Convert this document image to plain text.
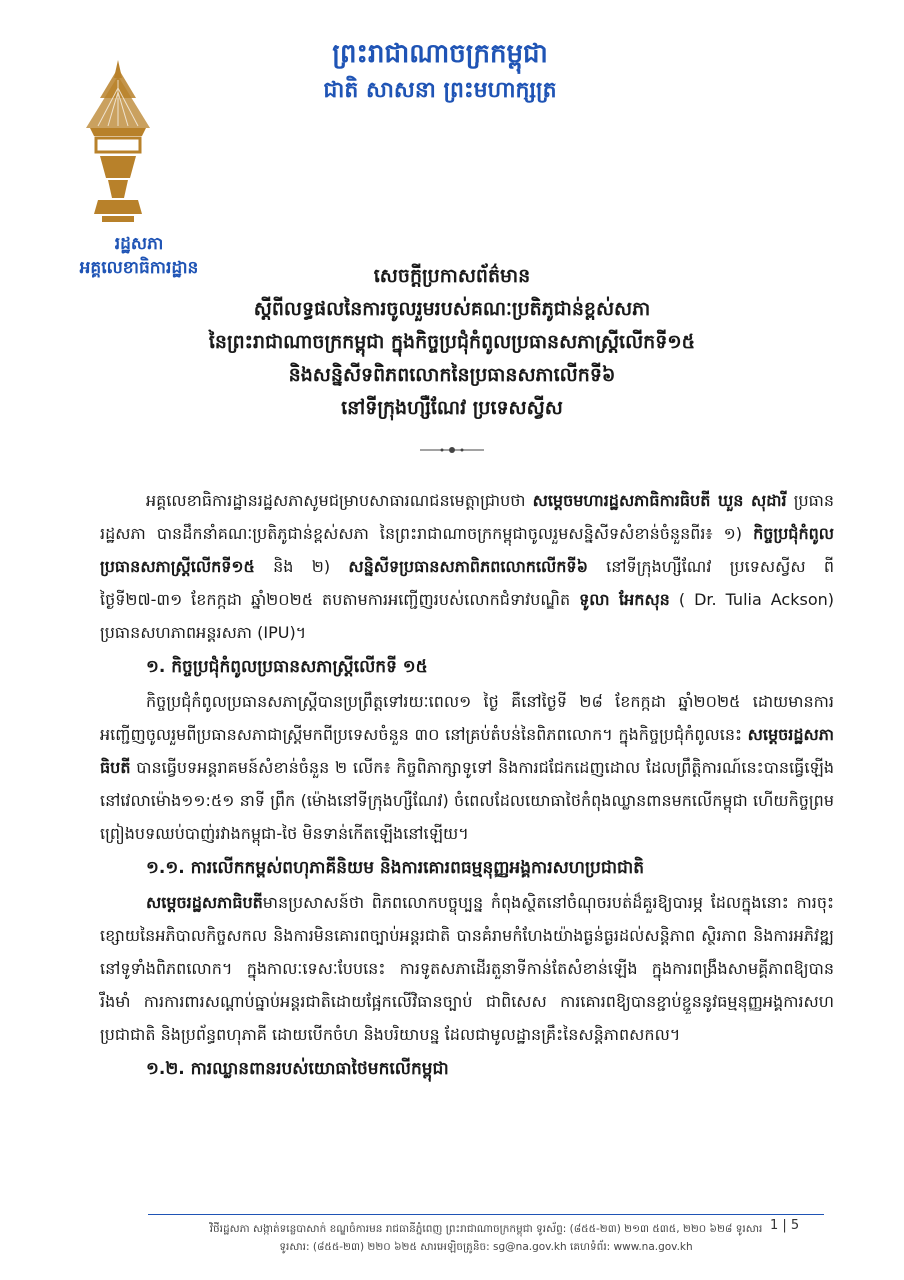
រដ្ឋសភា
អគ្គលេខាធិការដ្ឋាន
ព្រះរាជាណាចក្រកម្ពុជា
ជាតិ សាសនា ព្រះមហាក្សត្រ
សេចក្តីប្រកាសព័ត៌មាន
ស្តីពីលទ្ធផលនៃការចូលរួមរបស់គណៈប្រតិភូជាន់ខ្ពស់សភា
នៃព្រះរាជាណាចក្រកម្ពុជា ក្នុងកិច្ចប្រជុំកំពូលប្រធានសភាស្ត្រីលើកទី១៥
និងសន្និសីទពិភពលោកនៃប្រធានសភាលើកទី៦
នៅទីក្រុងហ្សឺណែវ ប្រទេសស្វីស

អគ្គលេខាធិការដ្ឋានរដ្ឋសភាសូមជម្រាបសាធារណជនមេត្តាជ្រាបថា សម្តេចមហារដ្ឋសភាធិការធិបតី ឃួន សុដារី ប្រធានរដ្ឋសភា បានដឹកនាំគណៈប្រតិភូជាន់ខ្ពស់សភា នៃព្រះរាជាណាចក្រកម្ពុជាចូលរួមសន្និសីទសំខាន់ចំនួនពីរ៖ ១) កិច្ចប្រជុំកំពូលប្រធានសភាស្ត្រីលើកទី១៥ និង ២) សន្និសីទប្រធានសភាពិភពលោកលើកទី៦ នៅទីក្រុងហ្សឺណែវ ប្រទេសស្វីស ពីថ្ងៃទី២៧-៣១ ខែកក្កដា ឆ្នាំ២០២៥ តបតាមការអញ្ជើញរបស់លោកជំទាវបណ្ឌិត ទូលា អែកសុន ( Dr. Tulia Ackson) ប្រធានសហភាពអន្តរសភា (IPU)។

១. កិច្ចប្រជុំកំពូលប្រធានសភាស្ត្រីលើកទី ១៥

កិច្ចប្រជុំកំពូលប្រធានសភាស្ត្រីបានប្រព្រឹត្តទៅរយៈពេល១ ថ្ងៃ គឺនៅថ្ងៃទី ២៨ ខែកក្កដា ឆ្នាំ២០២៥ ដោយមានការអញ្ជើញចូលរួមពីប្រធានសភាជាស្ត្រីមកពីប្រទេសចំនួន ៣០ នៅគ្រប់តំបន់នៃពិភពលោក។ ក្នុងកិច្ចប្រជុំកំពូលនេះ សម្តេចរដ្ឋសភាធិបតី បានធ្វើបទអន្តរាគមន៍សំខាន់ចំនួន ២ លើក៖ កិច្ចពិភាក្សាទូទៅ និងការជជែកដេញដោល ដែលព្រឹត្តិការណ៍នេះបានធ្វើឡើងនៅវេលាម៉ោង១១:៥១ នាទី ព្រឹក (ម៉ោងនៅទីក្រុងហ្សឺណែវ) ចំពេលដែលយោធាថៃកំពុងឈ្លានពានមកលើកម្ពុជា ហើយកិច្ចព្រមព្រៀងបទឈប់បាញ់រវាងកម្ពុជា-ថៃ មិនទាន់កើតឡើងនៅឡើយ។

១.១. ការលើកកម្ពស់ពហុភាគីនិយម និងការគោរពធម្មនុញ្ញអង្គការសហប្រជាជាតិ

សម្តេចរដ្ឋសភាធិបតីមានប្រសាសន៍ថា ពិភពលោកបច្ចុប្បន្ន កំពុងស្ថិតនៅចំណុចរបត់ដ៏គួរឱ្យបារម្ភ ដែលក្នុងនោះ ការចុះខ្សោយនៃអភិបាលកិច្ចសកល និងការមិនគោរពច្បាប់អន្តរជាតិ បានគំរាមកំហែងយ៉ាងធ្ងន់ធ្ងរដល់សន្តិភាព ស្ថិរភាព និងការអភិវឌ្ឍនៅទូទាំងពិភពលោក។ ក្នុងកាលៈទេសៈបែបនេះ ការទូតសភាដើរតួនាទីកាន់តែសំខាន់ឡើង ក្នុងការពង្រឹងសាមគ្គីភាពឱ្យបានរឹងមាំ ការការពារសណ្តាប់ធ្នាប់អន្តរជាតិដោយផ្អែកលើវិធានច្បាប់ ជាពិសេស ការគោរពឱ្យបានខ្ជាប់ខ្ជួននូវធម្មនុញ្ញអង្គការសហប្រជាជាតិ និងប្រព័ន្ធពហុភាគី ដោយបើកចំហ និងបរិយាបន្ន ដែលជាមូលដ្ឋានគ្រឹះនៃសន្តិភាពសកល។

១.២. ការឈ្លានពានរបស់យោធាថៃមកលើកម្ពុជា
វិថីរដ្ឋសភា សង្កាត់ទន្លេបាសាក់ ខណ្ឌចំការមន រាជធានីភ្នំពេញ ព្រះរាជាណាចក្រកម្ពុជា ទូរស័ព្ទ: (៨៥៥-២៣) ២១៣ ៥៣៥, ២២០ ៦២៨ ទូរសារ
ទូរសារ: (៨៥៥-២៣) ២២០ ៦២៥ សារអេឡិចត្រូនិច: sg@na.gov.kh គេហទំព័រ: www.na.gov.kh
1 | 5
